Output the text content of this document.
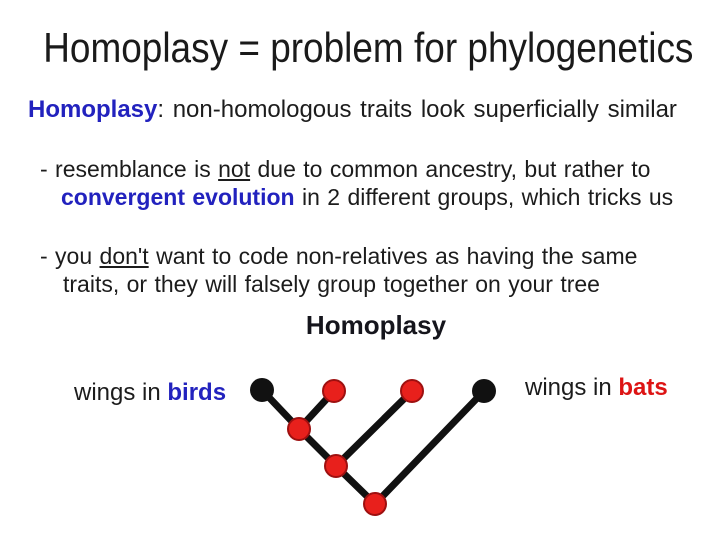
Homoplasy = problem for phylogenetics
Homoplasy: non-homologous traits look superficially similar
- resemblance is not due to common ancestry, but rather to
convergent evolution in 2 different groups, which tricks us
- you don't want to code non-relatives as having the same
traits, or they will falsely group together on your tree
Homoplasy
wings in birds	wings in bats
